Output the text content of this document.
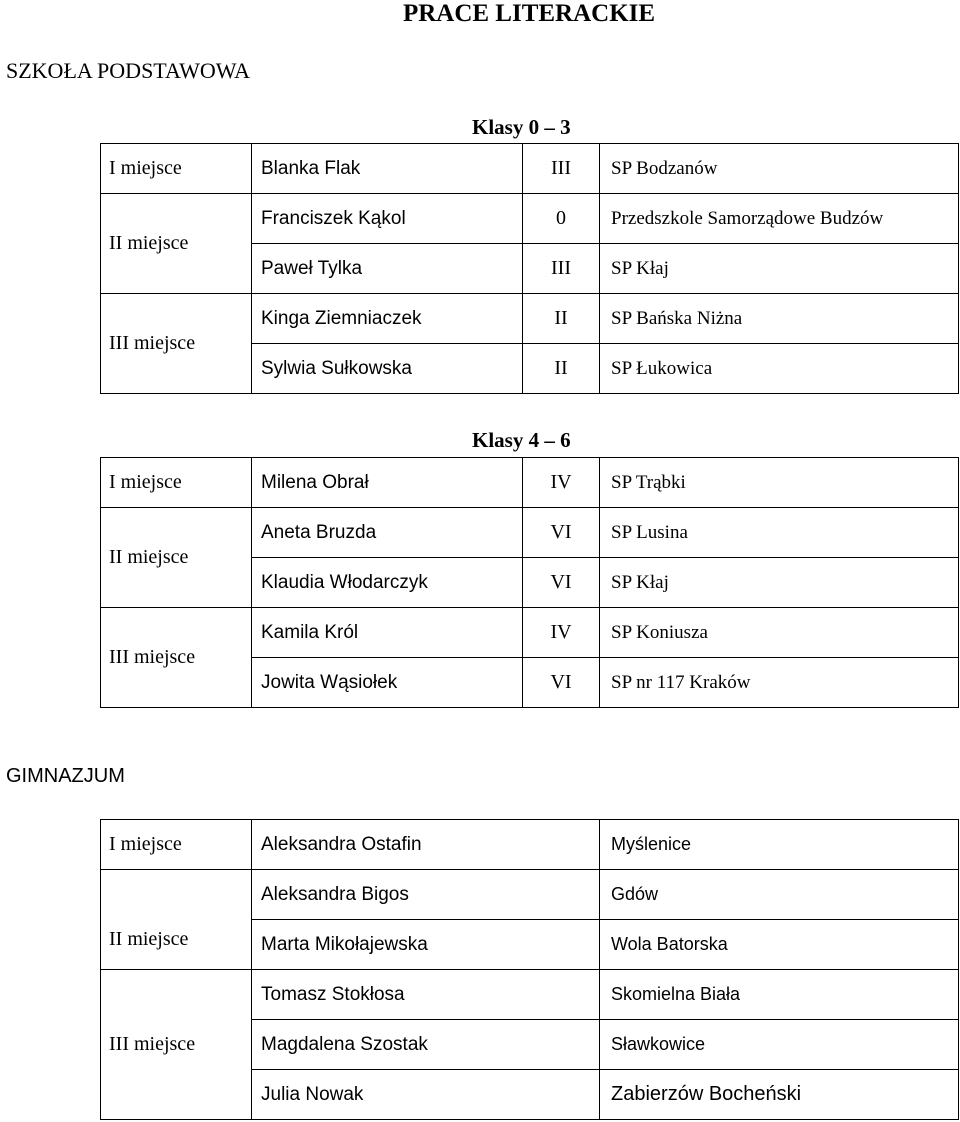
PRACE LITERACKIE
SZKOŁA PODSTAWOWA
Klasy 0 – 3
I miejsce	Blanka Flak	III	SP Bodzanów
II miejsce	Franciszek Kąkol	0	Przedszkole Samorządowe Budzów
	Paweł Tylka	III	SP Kłaj
III miejsce	Kinga Ziemniaczek	II	SP Bańska Niżna
	Sylwia Sułkowska	II	SP Łukowica
Klasy 4 – 6
I miejsce	Milena Obrał	IV	SP Trąbki
II miejsce	Aneta Bruzda	VI	SP Lusina
	Klaudia Włodarczyk	VI	SP Kłaj
III miejsce	Kamila Król	IV	SP Koniusza
	Jowita Wąsiołek	VI	SP nr 117 Kraków
GIMNAZJUM
I miejsce	Aleksandra Ostafin		Myślenice
II miejsce	Aleksandra Bigos		Gdów
	Marta Mikołajewska		Wola Batorska
III miejsce	Tomasz Stokłosa		Skomielna Biała
	Magdalena Szostak		Sławkowice
	Julia Nowak		Zabierzów Bocheński
